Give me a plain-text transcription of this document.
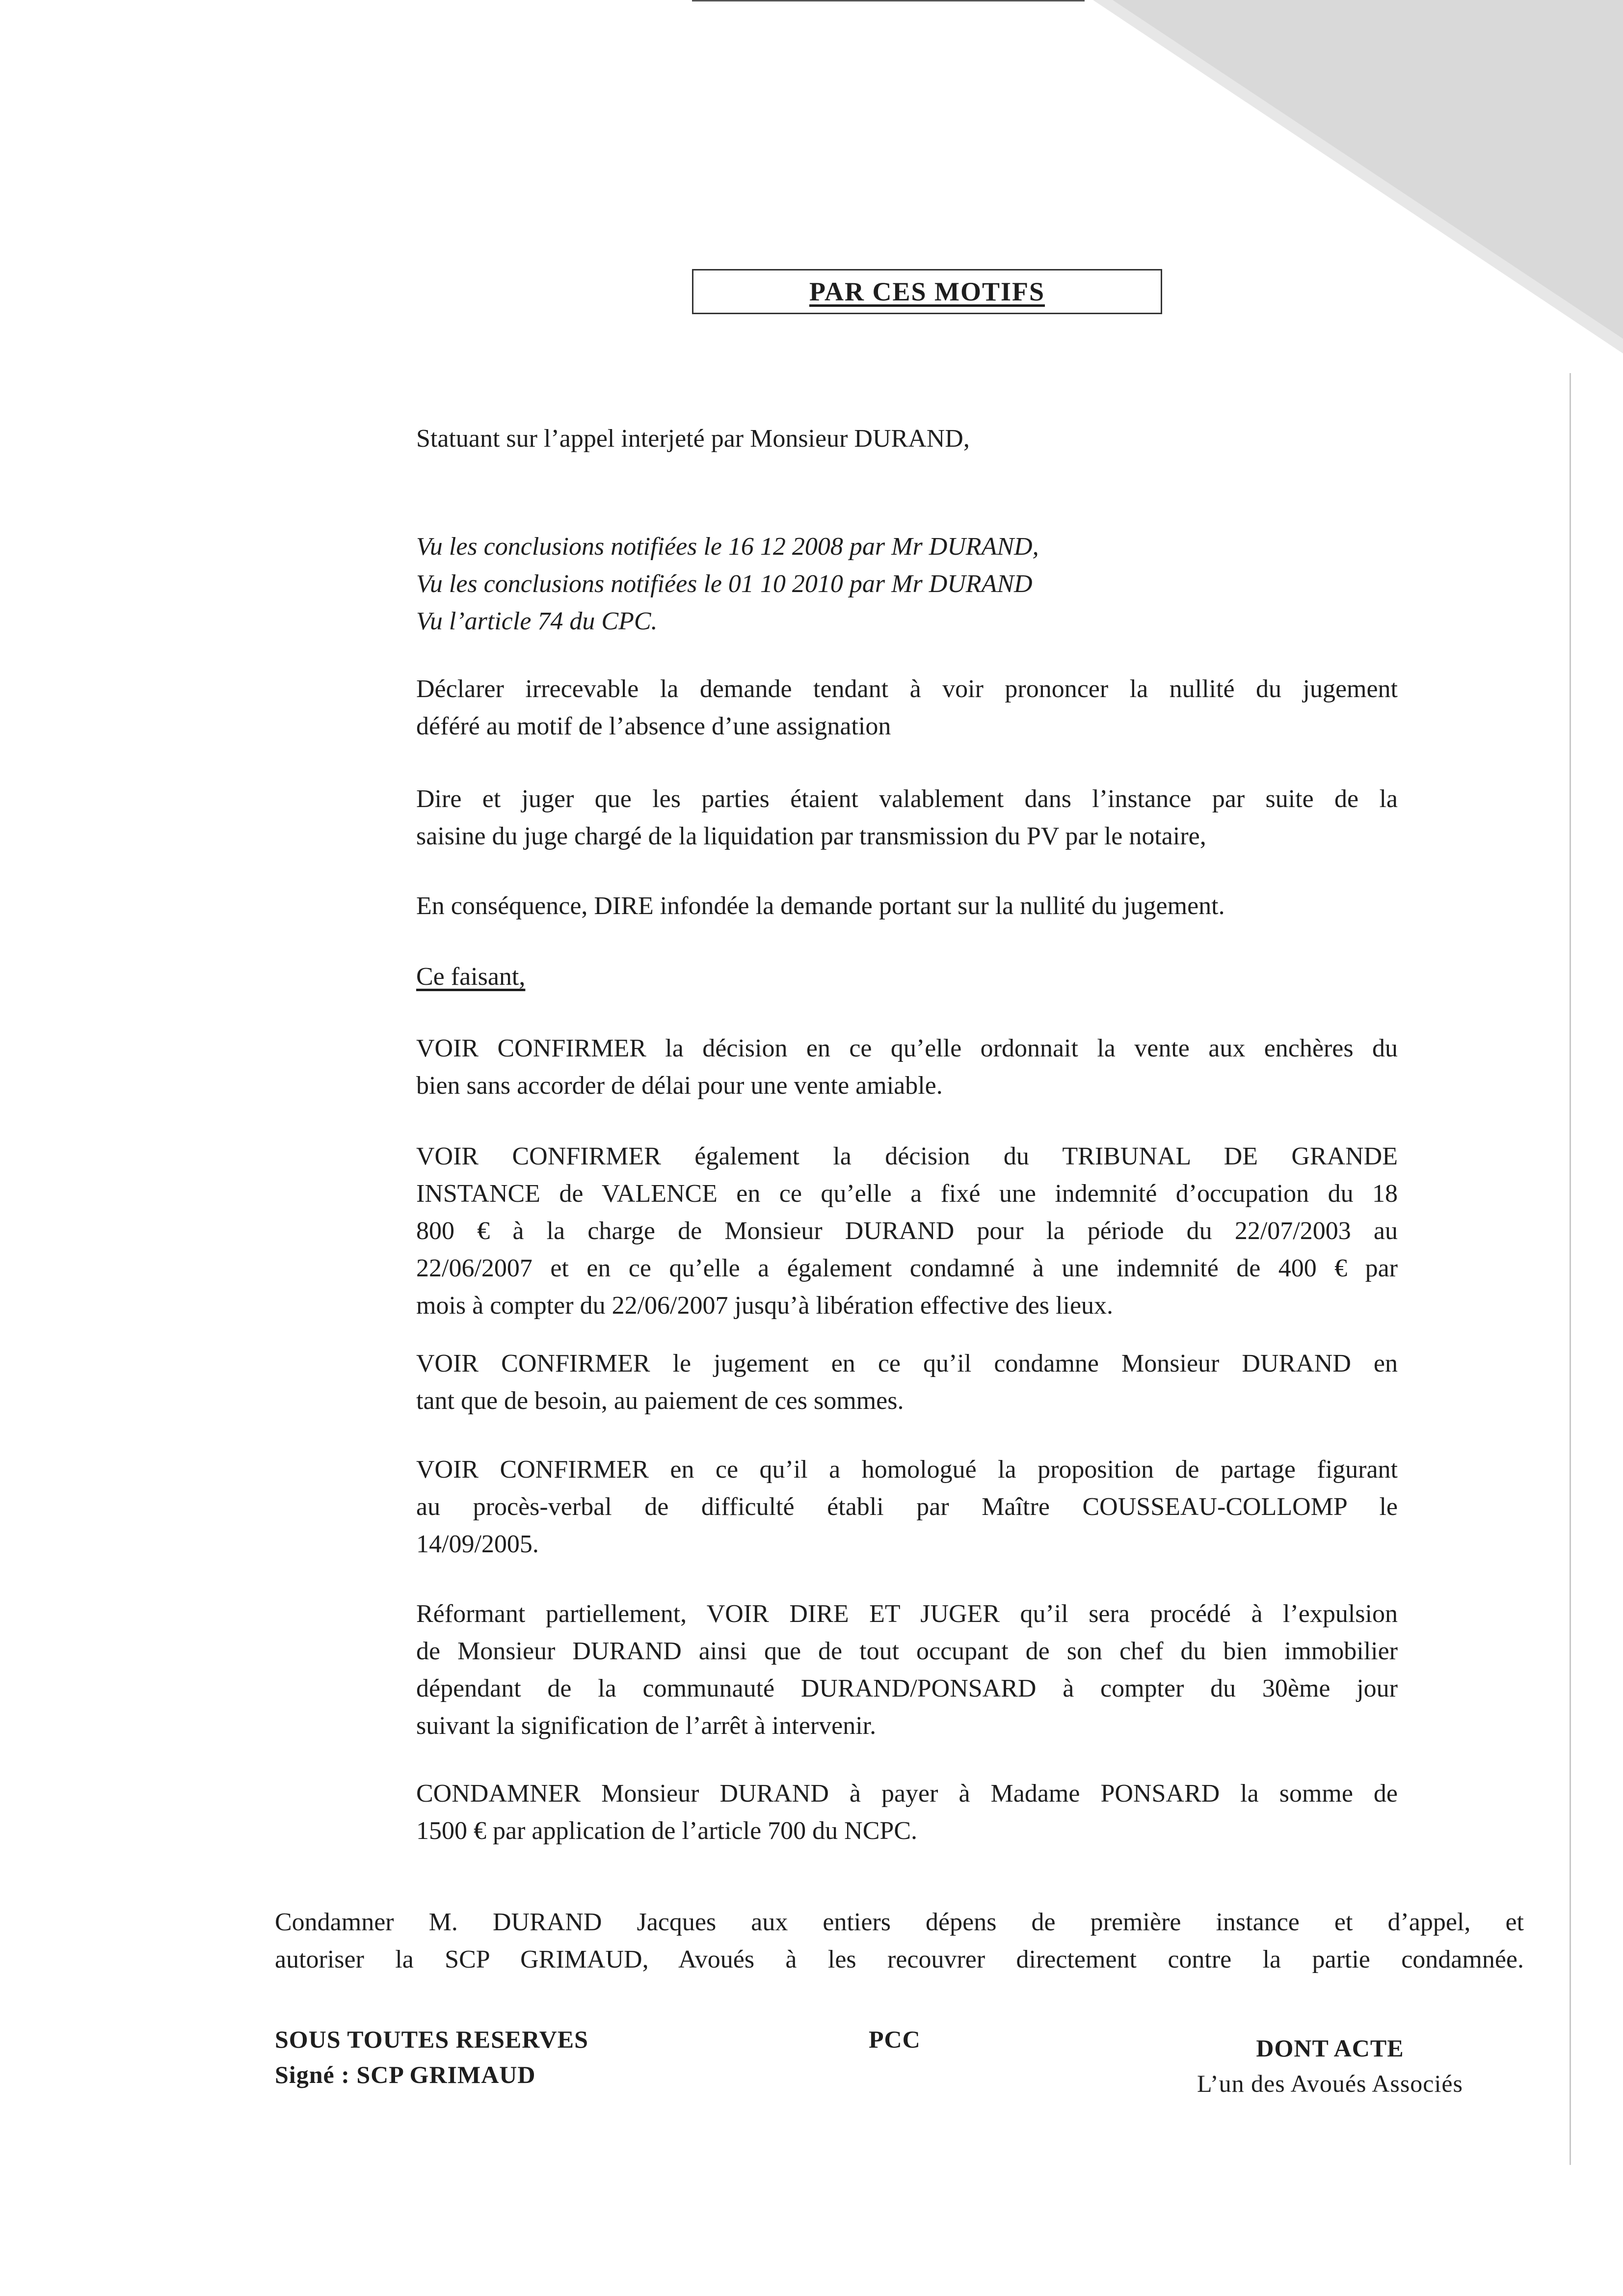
PAR CES MOTIFS
Statuant sur l’appel interjeté par Monsieur DURAND,
Vu les conclusions notifiées le 16 12 2008 par Mr DURAND,
Vu les conclusions notifiées le 01 10 2010 par Mr DURAND
Vu l’article 74 du CPC.
Déclarer irrecevable la demande tendant à voir prononcer la nullité du jugement
déféré au motif de l’absence d’une assignation
Dire et juger que les parties étaient valablement dans l’instance par suite de la
saisine du juge chargé de la liquidation par transmission du PV par le notaire,
En conséquence, DIRE infondée la demande portant sur la nullité du jugement.
Ce faisant,
VOIR CONFIRMER la décision en ce qu’elle ordonnait la vente aux enchères du
bien sans accorder de délai pour une vente amiable.
VOIR CONFIRMER également la décision du TRIBUNAL DE GRANDE
INSTANCE de VALENCE en ce qu’elle a fixé une indemnité d’occupation du 18
800 € à la charge de Monsieur DURAND pour la période du 22/07/2003 au
22/06/2007 et en ce qu’elle a également condamné à une indemnité de 400 € par
mois à compter du 22/06/2007 jusqu’à libération effective des lieux.
VOIR CONFIRMER le jugement en ce qu’il condamne Monsieur DURAND en
tant que de besoin, au paiement de ces sommes.
VOIR CONFIRMER en ce qu’il a homologué la proposition de partage figurant
au procès-verbal de difficulté établi par Maître COUSSEAU-COLLOMP le
14/09/2005.
Réformant partiellement, VOIR DIRE ET JUGER qu’il sera procédé à l’expulsion
de Monsieur DURAND ainsi que de tout occupant de son chef du bien immobilier
dépendant de la communauté DURAND/PONSARD à compter du 30ème jour
suivant la signification de l’arrêt à intervenir.
CONDAMNER Monsieur DURAND à payer à Madame PONSARD la somme de
1500 € par application de l’article 700 du NCPC.
Condamner M. DURAND Jacques aux entiers dépens de première instance et d’appel, et
autoriser la SCP GRIMAUD, Avoués à les recouvrer directement contre la partie condamnée.
SOUS TOUTES RESERVES
Signé : SCP GRIMAUD
PCC	DONT ACTE
L’un des Avoués Associés
